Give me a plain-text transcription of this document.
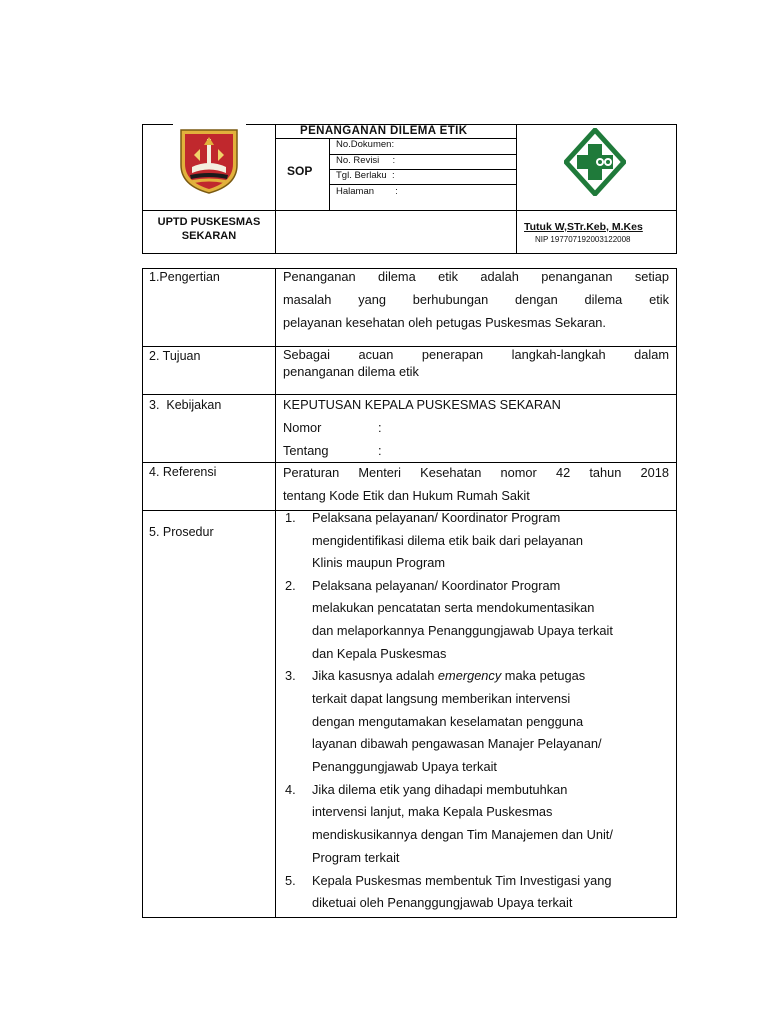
PENANGANAN DILEMA ETIK
SOP
No.Dokumen:
No. Revisi     :
Tgl. Berlaku  :
Halaman        :
UPTD PUSKESMAS
SEKARAN
Tutuk W,STr.Keb, M.Kes
NIP 197707192003122008
1.Pengertian	Penanganan dilema etik adalah penanganan setiap
masalah yang berhubungan dengan dilema etik
pelayanan kesehatan oleh petugas Puskesmas Sekaran.
2. Tujuan	Sebagai acuan penerapan langkah-langkah dalam
penanganan dilema etik
3.  Kebijakan	KEPUTUSAN KEPALA PUSKESMAS SEKARAN
Nomor	:
Tentang	:
4. Referensi	Peraturan Menteri Kesehatan nomor 42 tahun 2018
tentang Kode Etik dan Hukum Rumah Sakit
5. Prosedur
1. Pelaksana pelayanan/ Koordinator Program
mengidentifikasi dilema etik baik dari pelayanan
Klinis maupun Program
2. Pelaksana pelayanan/ Koordinator Program
melakukan pencatatan serta mendokumentasikan
dan melaporkannya Penanggungjawab Upaya terkait
dan Kepala Puskesmas
3. Jika kasusnya adalah emergency maka petugas
terkait dapat langsung memberikan intervensi
dengan mengutamakan keselamatan pengguna
layanan dibawah pengawasan Manajer Pelayanan/
Penanggungjawab Upaya terkait
4. Jika dilema etik yang dihadapi membutuhkan
intervensi lanjut, maka Kepala Puskesmas
mendiskusikannya dengan Tim Manajemen dan Unit/
Program terkait
5. Kepala Puskesmas membentuk Tim Investigasi yang
diketuai oleh Penanggungjawab Upaya terkait
